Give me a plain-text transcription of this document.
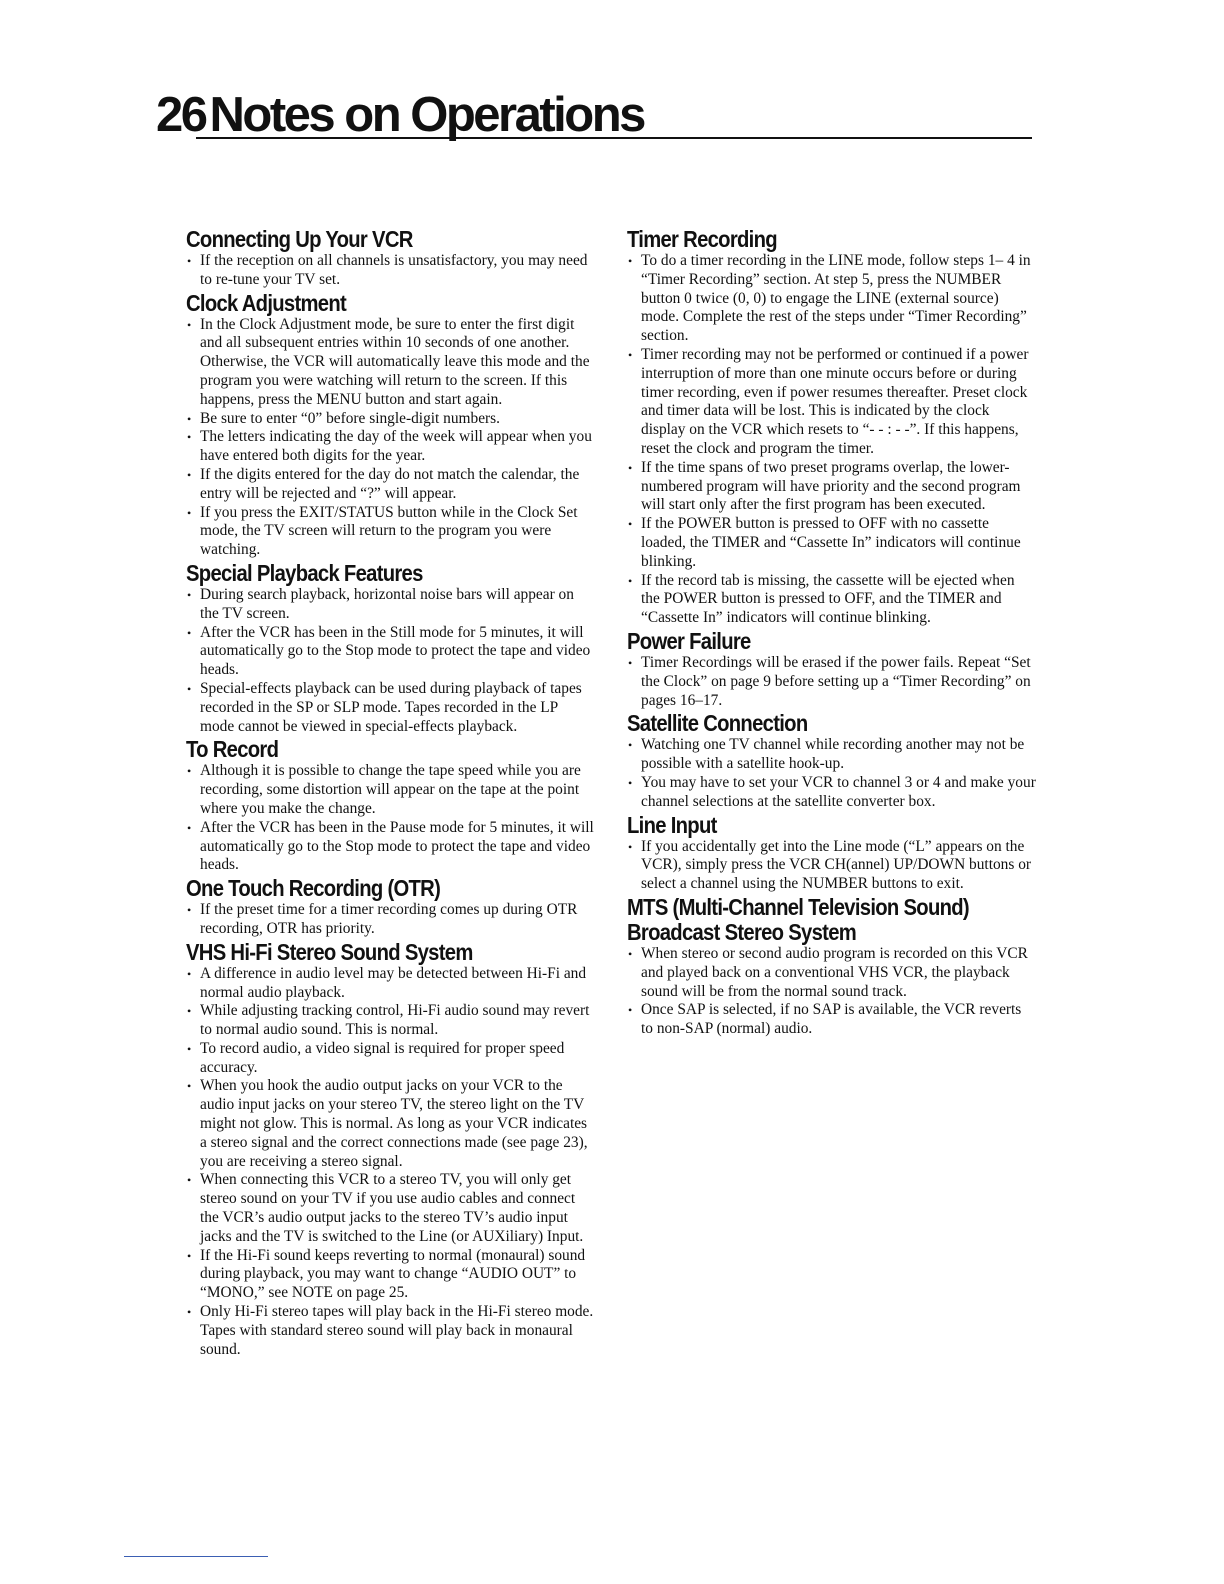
26 Notes on Operations
Connecting Up Your VCR
• If the reception on all channels is unsatisfactory, you may need to re-tune your TV set.
Clock Adjustment
• In the Clock Adjustment mode, be sure to enter the first digit and all subsequent entries within 10 seconds of one another. Otherwise, the VCR will automatically leave this mode and the program you were watching will return to the screen. If this happens, press the MENU button and start again.
• Be sure to enter “0” before single-digit numbers.
• The letters indicating the day of the week will appear when you have entered both digits for the year.
• If the digits entered for the day do not match the calendar, the entry will be rejected and “?” will appear.
• If you press the EXIT/STATUS button while in the Clock Set mode, the TV screen will return to the program you were watching.
Special Playback Features
• During search playback, horizontal noise bars will appear on the TV screen.
• After the VCR has been in the Still mode for 5 minutes, it will automatically go to the Stop mode to protect the tape and video heads.
• Special-effects playback can be used during playback of tapes recorded in the SP or SLP mode. Tapes recorded in the LP mode cannot be viewed in special-effects playback.
To Record
• Although it is possible to change the tape speed while you are recording, some distortion will appear on the tape at the point where you make the change.
• After the VCR has been in the Pause mode for 5 minutes, it will automatically go to the Stop mode to protect the tape and video heads.
One Touch Recording (OTR)
• If the preset time for a timer recording comes up during OTR recording, OTR has priority.
VHS Hi-Fi Stereo Sound System
• A difference in audio level may be detected between Hi-Fi and normal audio playback.
• While adjusting tracking control, Hi-Fi audio sound may revert to normal audio sound. This is normal.
• To record audio, a video signal is required for proper speed accuracy.
• When you hook the audio output jacks on your VCR to the audio input jacks on your stereo TV, the stereo light on the TV might not glow. This is normal. As long as your VCR indicates a stereo signal and the correct connections made (see page 23), you are receiving a stereo signal.
• When connecting this VCR to a stereo TV, you will only get stereo sound on your TV if you use audio cables and connect the VCR’s audio output jacks to the stereo TV’s audio input jacks and the TV is switched to the Line (or AUXiliary) Input.
• If the Hi-Fi sound keeps reverting to normal (monaural) sound during playback, you may want to change “AUDIO OUT” to “MONO,” see NOTE on page 25.
• Only Hi-Fi stereo tapes will play back in the Hi-Fi stereo mode. Tapes with standard stereo sound will play back in monaural sound.
Timer Recording
• To do a timer recording in the LINE mode, follow steps 1– 4 in “Timer Recording” section. At step 5, press the NUMBER button 0 twice (0, 0) to engage the LINE (external source) mode. Complete the rest of the steps under “Timer Recording” section.
• Timer recording may not be performed or continued if a power interruption of more than one minute occurs before or during timer recording, even if power resumes thereafter. Preset clock and timer data will be lost. This is indicated by the clock display on the VCR which resets to “- - : - -”. If this happens, reset the clock and program the timer.
• If the time spans of two preset programs overlap, the lower-numbered program will have priority and the second program will start only after the first program has been executed.
• If the POWER button is pressed to OFF with no cassette loaded, the TIMER and “Cassette In” indicators will continue blinking.
• If the record tab is missing, the cassette will be ejected when the POWER button is pressed to OFF, and the TIMER and “Cassette In” indicators will continue blinking.
Power Failure
• Timer Recordings will be erased if the power fails. Repeat “Set the Clock” on page 9 before setting up a “Timer Recording” on pages 16–17.
Satellite Connection
• Watching one TV channel while recording another may not be possible with a satellite hook-up.
• You may have to set your VCR to channel 3 or 4 and make your channel selections at the satellite converter box.
Line Input
• If you accidentally get into the Line mode (“L” appears on the VCR), simply press the VCR CH(annel) UP/DOWN buttons or select a channel using the NUMBER buttons to exit.
MTS (Multi-Channel Television Sound)
Broadcast Stereo System
• When stereo or second audio program is recorded on this VCR and played back on a conventional VHS VCR, the playback sound will be from the normal sound track.
• Once SAP is selected, if no SAP is available, the VCR reverts to non-SAP (normal) audio.
